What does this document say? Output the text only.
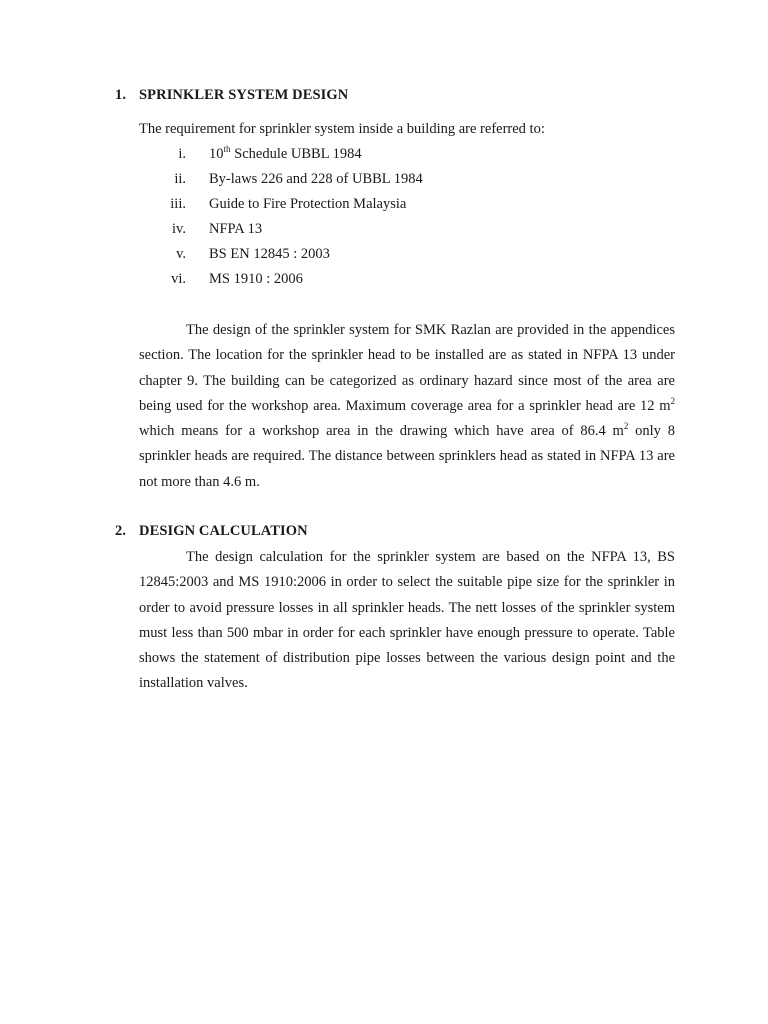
1. SPRINKLER SYSTEM DESIGN
The requirement for sprinkler system inside a building are referred to:
i. 10th Schedule UBBL 1984
ii. By-laws 226 and 228 of UBBL 1984
iii. Guide to Fire Protection Malaysia
iv. NFPA 13
v. BS EN 12845 : 2003
vi. MS 1910 : 2006

The design of the sprinkler system for SMK Razlan are provided in the appendices section. The location for the sprinkler head to be installed are as stated in NFPA 13 under chapter 9. The building can be categorized as ordinary hazard since most of the area are being used for the workshop area. Maximum coverage area for a sprinkler head are 12 $m^2$ which means for a workshop area in the drawing which have area of 86.4 $m^2$ only 8 sprinkler heads are required. The distance between sprinklers head as stated in NFPA 13 are not more than 4.6 m.

2. DESIGN CALCULATION

The design calculation for the sprinkler system are based on the NFPA 13, BS 12845:2003 and MS 1910:2006 in order to select the suitable pipe size for the sprinkler in order to avoid pressure losses in all sprinkler heads. The nett losses of the sprinkler system must less than 500 mbar in order for each sprinkler have enough pressure to operate. Table shows the statement of distribution pipe losses between the various design point and the installation valves.
